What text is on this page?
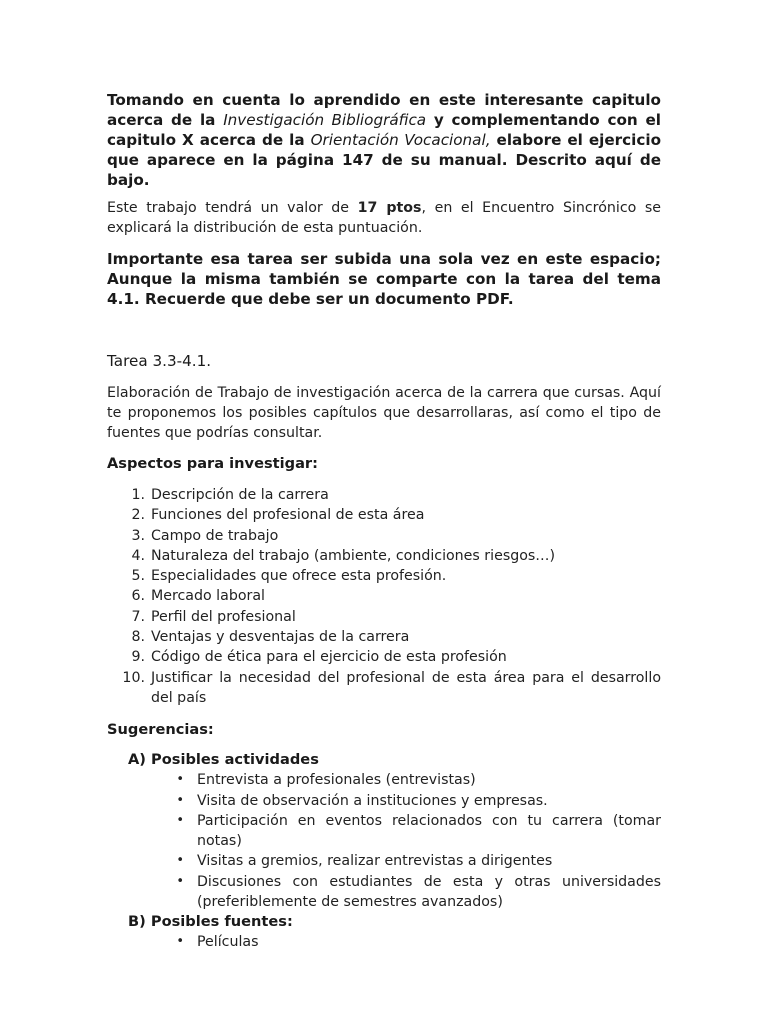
Tomando en cuenta lo aprendido en este interesante capitulo acerca de la Investigación Bibliográfica y complementando con el capitulo X acerca de la Orientación Vocacional, elabore el ejercicio que aparece en la página 147 de su manual. Descrito aquí de bajo.

Este trabajo tendrá un valor de 17 ptos, en el Encuentro Sincrónico se explicará la distribución de esta puntuación.

Importante esa tarea ser subida una sola vez en este espacio; Aunque la misma también se comparte con la tarea del tema 4.1. Recuerde que debe ser un documento PDF.

Tarea 3.3-4.1.

Elaboración de Trabajo de investigación acerca de la carrera que cursas. Aquí te proponemos los posibles capítulos que desarrollaras, así como el tipo de fuentes que podrías consultar.

Aspectos para investigar:

1. Descripción de la carrera
2. Funciones del profesional de esta área
3. Campo de trabajo
4. Naturaleza del trabajo (ambiente, condiciones riesgos…)
5. Especialidades que ofrece esta profesión.
6. Mercado laboral
7. Perfil del profesional
8. Ventajas y desventajas de la carrera
9. Código de ética para el ejercicio de esta profesión
10. Justificar la necesidad del profesional de esta área para el desarrollo del país

Sugerencias:

A) Posibles actividades
• Entrevista a profesionales (entrevistas)
• Visita de observación a instituciones y empresas.
• Participación en eventos relacionados con tu carrera (tomar notas)
• Visitas a gremios, realizar entrevistas a dirigentes
• Discusiones con estudiantes de esta y otras universidades (preferiblemente de semestres avanzados)
B) Posibles fuentes:
• Películas
